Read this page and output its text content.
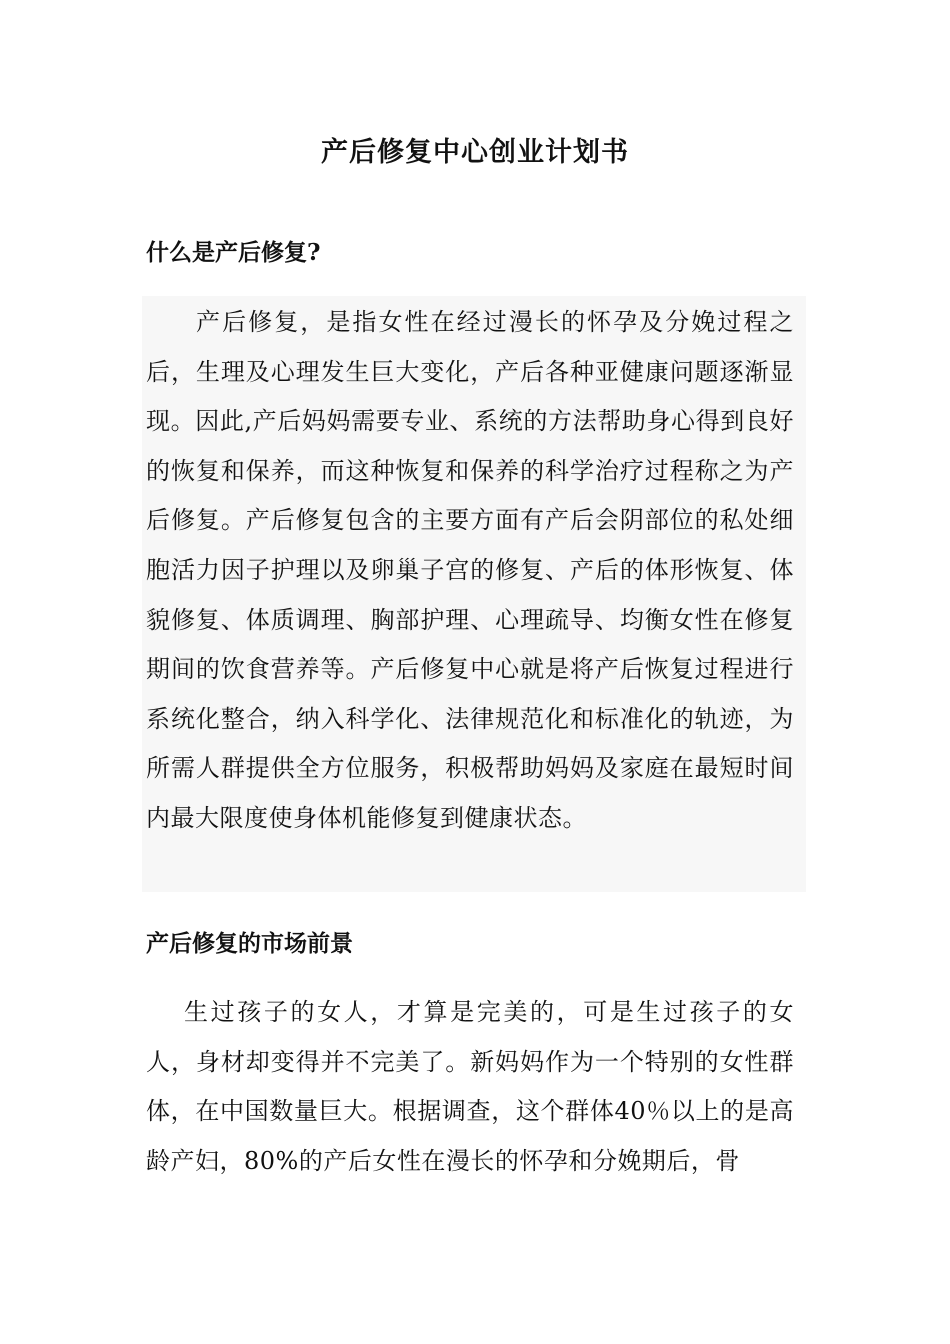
产后修复中心创业计划书
什么是产后修复?

产后修复，是指女性在经过漫长的怀孕及分娩过程之后，生理及心理发生巨大变化，产后各种亚健康问题逐渐显现。因此,产后妈妈需要专业、系统的方法帮助身心得到良好的恢复和保养，而这种恢复和保养的科学治疗过程称之为产后修复。产后修复包含的主要方面有产后会阴部位的私处细胞活力因子护理以及卵巢子宫的修复、产后的体形恢复、体貌修复、体质调理、胸部护理、心理疏导、均衡女性在修复期间的饮食营养等。产后修复中心就是将产后恢复过程进行系统化整合，纳入科学化、法律规范化和标准化的轨迹，为所需人群提供全方位服务，积极帮助妈妈及家庭在最短时间内最大限度使身体机能修复到健康状态。

产后修复的市场前景

生过孩子的女人，才算是完美的，可是生过孩子的女人，身材却变得并不完美了。新妈妈作为一个特别的女性群体，在中国数量巨大。根据调查，这个群体40％以上的是高龄产妇，80%的产后女性在漫长的怀孕和分娩期后，骨
